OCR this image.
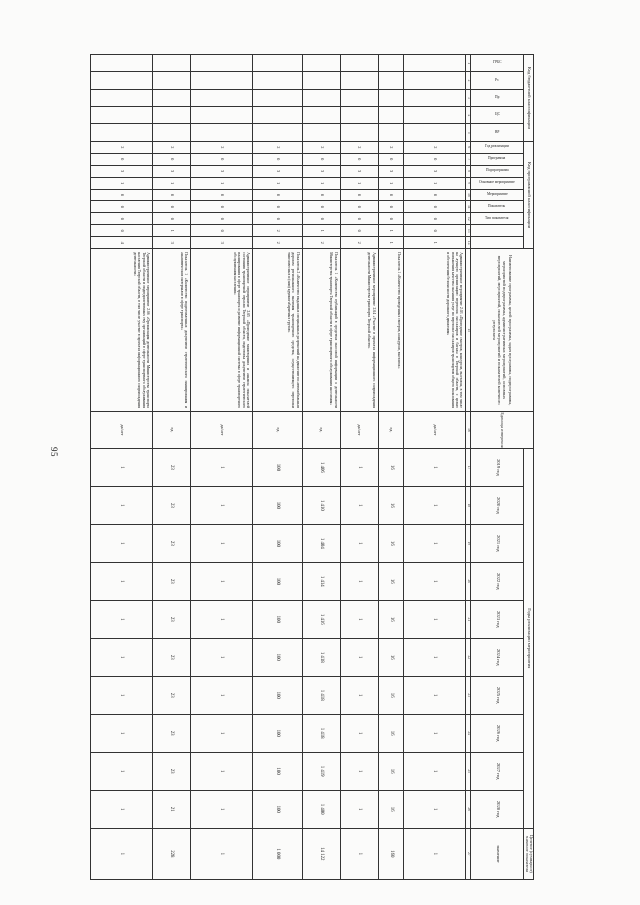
95
Код бюджетной классификации					Код программной классификации									Наименование программы, целей программы, задач программы, подпрограммы, мероприятий подпрограммы, административных мероприятий, основных мероприятий, мероприятий, показателей мероприятий и показателей конечного результата	Единица измерения	Годы реализации мероприятия										Целевое (суммарное) значение показателя

ГРБС	Рз	Пр	ЦС	ВР	Год реализации	Программа	Подпрограмма	Основное мероприятие	Мероприятие	Показатель	Тип показателя					2019 год	2020 год	2021 год	2022 год	2023 год	2024 год	2025 год	2026 год	2027 год	2028 год	значение
1	2	3	4	5	6	7	8	9	10	11	12	13	14	15	16	17	18	19	20	21	22	23	24	25	26	27
					2	0	3	1	0	0	0	0	1	Административное мероприятие 2.03 «Проведение смотров, конкурсов, выставок, в том числе на лучшую организацию перевозок пассажиров и багажа в Тверской области, с целью повышения качества оказания услуг по перевозке пассажиров транспортом общего пользования и обеспечения безопасности дорожного движения»	да/нет	1	1	1	1	1	1	1	1	1	1	1
					2	0	3	1	0	0	0	1	1	Показатель 1 «Количество проведенных смотров, конкурсов, выставок»	ед.	16	16	16	16	16	16	16	16	16	16	160
					2	0	3	1	0	0	0	0	2	Административное мероприятие 2.04 «Участие в проектах информационного сопровождения деятельности Министерства транспорта Тверской области»	да/нет	1	1	1	1	1	1	1	1	1	1	1
					2	0	3	1	0	0	0	1	2	Показатель 1 «Количество публикаций в средствах массовой информации о деятельности Министерства транспорта Тверской области в сфере транспортного обслуживания населения»	ед.	1 406	1 410	1 404	1 414	1 416	1 418	1 418	1 418	1 419	1 400	14 122
					2	0	3	1	0	0	0	2	2	Показатель 2 «Количество выданных специальных разрешений на движение по автомобильным дорогам регионального значения транспортного средства, осуществляющего перевозки тяжеловесных и (или) крупногабаритных грузов»	ед.	100	100	100	100	100	100	100	100	100	100	1 000
					2	0	3	1	0	0	0	0	3	Административное мероприятие 2.05 «Проведение мониторинга и анализа показателей состояния транспортной отрасли Тверской области, подготовка документов стратегического планирования в сфере транспорта и развитие информационной системы в сфере транспортного обслуживания населения»	да/нет	1	1	1	1	1	1	1	1	1	1	1
					2	0	3	1	0	0	0	1	3	Показатель 1 «Количество подготовленных документов стратегического планирования и аналитических материалов в сфере транспорта»	ед.	23	23	23	23	23	23	23	23	23	21	228
					2	0	3	1	0	0	0	0	4	Административное мероприятие 2.06 «Организация деятельности Министерства транспорта Тверской области и подведомственных ему организаций в сфере транспортного обслуживания населения Тверской области, в том числе участие в проектах информационного сопровождения деятельности»	да/нет	1	1	1	1	1	1	1	1	1	1	1
